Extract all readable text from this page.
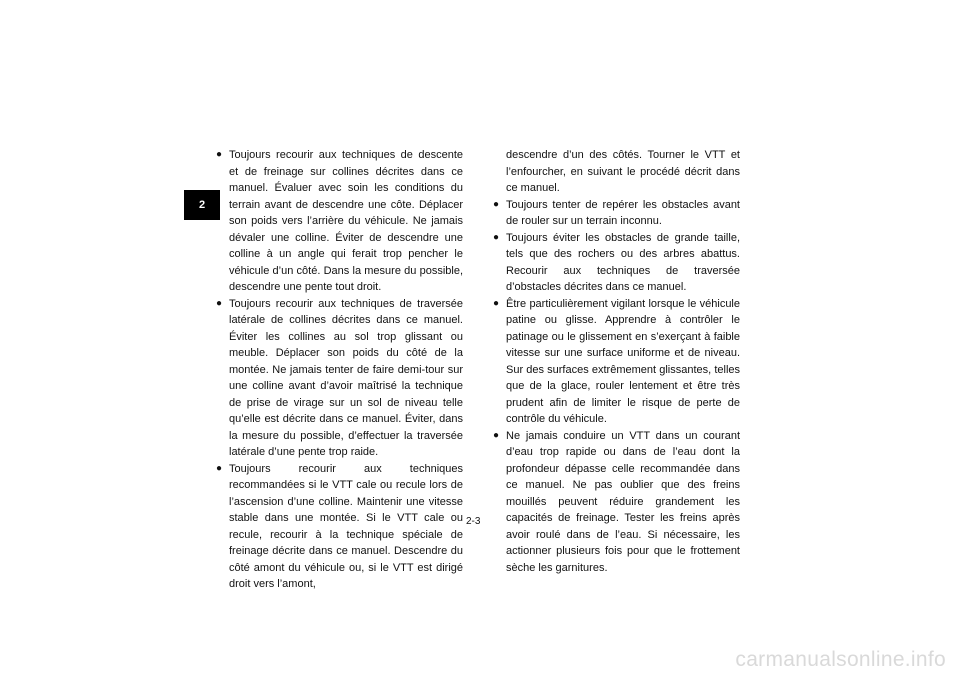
2

● Toujours recourir aux techniques de descente et de freinage sur collines décrites dans ce manuel. Évaluer avec soin les conditions du terrain avant de descendre une côte. Déplacer son poids vers l’arrière du véhicule. Ne jamais dévaler une colline. Éviter de descendre une colline à un angle qui ferait trop pencher le véhicule d’un côté. Dans la mesure du possible, descendre une pente tout droit.

● Toujours recourir aux techniques de traversée latérale de collines décrites dans ce manuel. Éviter les collines au sol trop glissant ou meuble. Déplacer son poids du côté de la montée. Ne jamais tenter de faire demi-tour sur une colline avant d’avoir maîtrisé la technique de prise de virage sur un sol de niveau telle qu’elle est décrite dans ce manuel. Éviter, dans la mesure du possible, d’effectuer la traversée latérale d’une pente trop raide.

● Toujours recourir aux techniques recommandées si le VTT cale ou recule lors de l’ascension d’une colline. Maintenir une vitesse stable dans une montée. Si le VTT cale ou recule, recourir à la technique spéciale de freinage décrite dans ce manuel. Descendre du côté amont du véhicule ou, si le VTT est dirigé droit vers l’amont,

descendre d’un des côtés. Tourner le VTT et l’enfourcher, en suivant le procédé décrit dans ce manuel.

● Toujours tenter de repérer les obstacles avant de rouler sur un terrain inconnu.

● Toujours éviter les obstacles de grande taille, tels que des rochers ou des arbres abattus. Recourir aux techniques de traversée d’obstacles décrites dans ce manuel.

● Être particulièrement vigilant lorsque le véhicule patine ou glisse. Apprendre à contrôler le patinage ou le glissement en s’exerçant à faible vitesse sur une surface uniforme et de niveau. Sur des surfaces extrêmement glissantes, telles que de la glace, rouler lentement et être très prudent afin de limiter le risque de perte de contrôle du véhicule.

● Ne jamais conduire un VTT dans un courant d’eau trop rapide ou dans de l’eau dont la profondeur dépasse celle recommandée dans ce manuel. Ne pas oublier que des freins mouillés peuvent réduire grandement les capacités de freinage. Tester les freins après avoir roulé dans de l’eau. Si nécessaire, les actionner plusieurs fois pour que le frottement sèche les garnitures.

2-3
carmanualsonline.info
